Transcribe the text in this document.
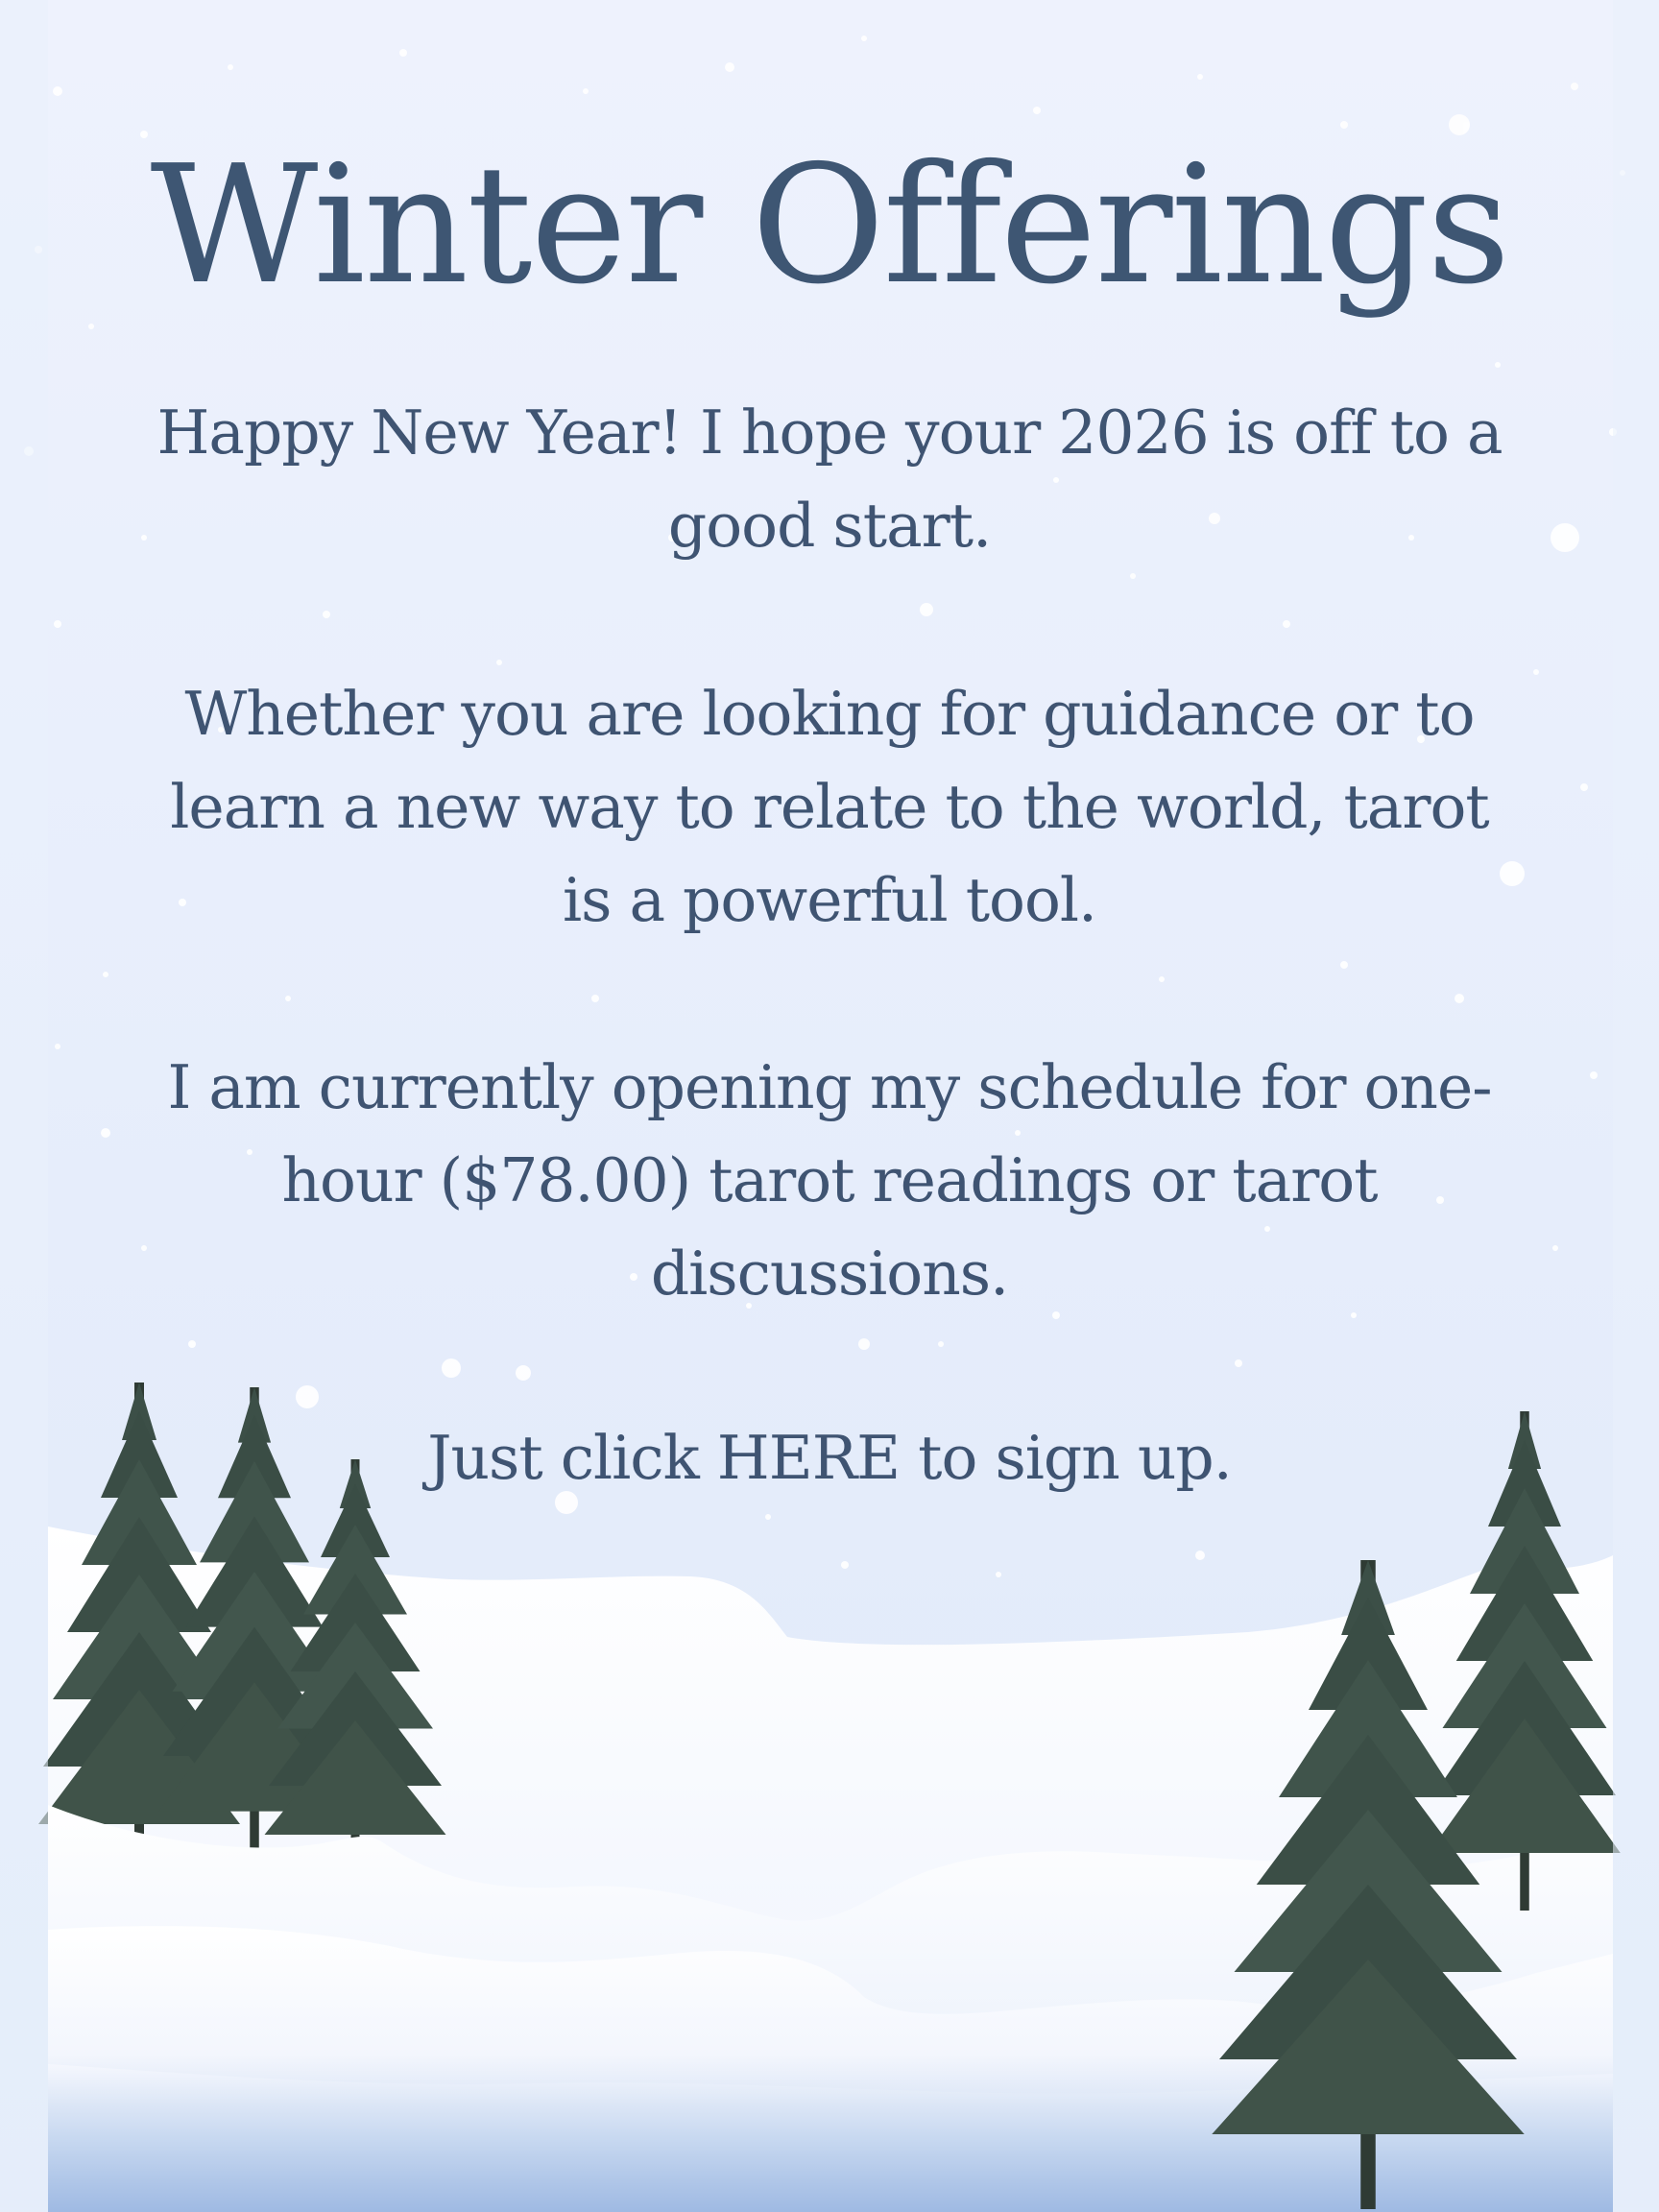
Winter Offerings
Happy New Year! I hope your 2026 is off to a
good start.
Whether you are looking for guidance or to
learn a new way to relate to the world, tarot
is a powerful tool.
I am currently opening my schedule for one-
hour ($78.00) tarot readings or tarot
discussions.
Just click HERE to sign up.
